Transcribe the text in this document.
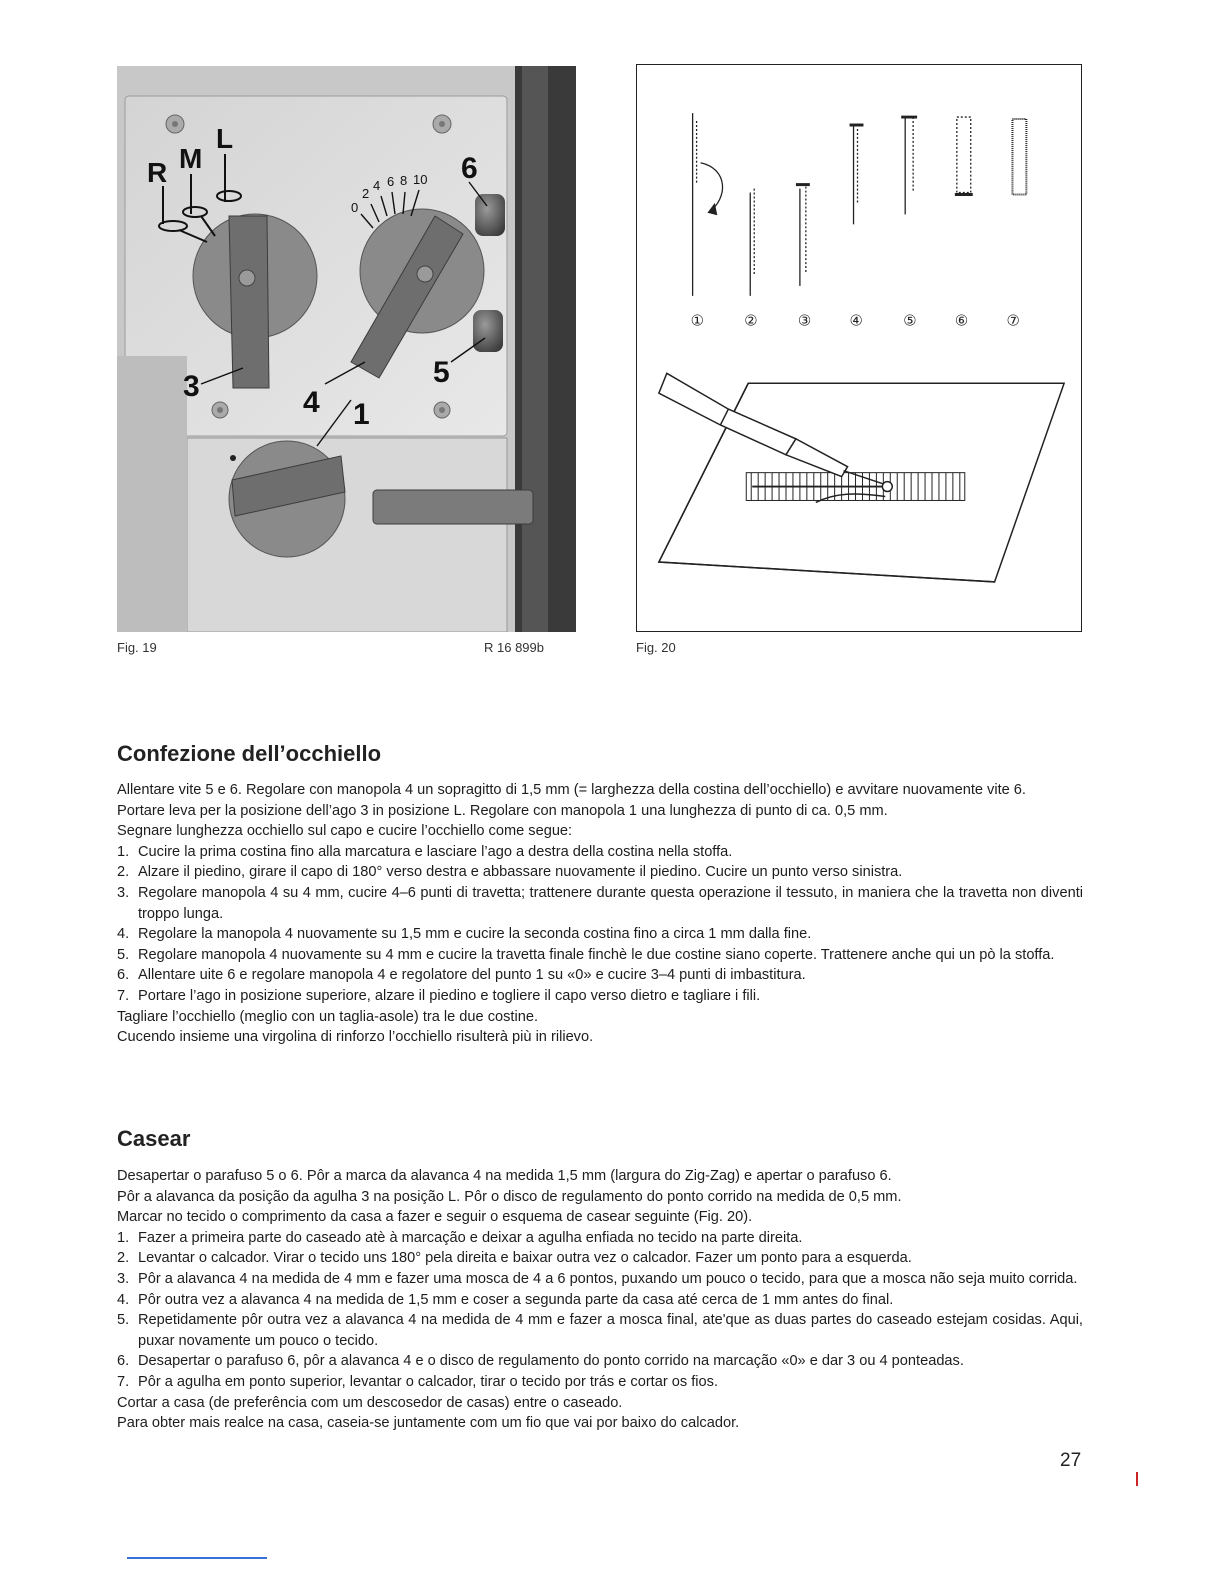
R M
L
6
3	4 1
5
0
2
4 6 8 10
①	②	③	④	⑤	⑥	⑦
Fig. 19	R 16 899b	Fig. 20
Confezione dell’occhiello

Allentare vite 5 e 6. Regolare con manopola 4 un sopragitto di 1,5 mm (= larghezza della costina dell’occhiello) e avvitare nuovamente vite 6.

Portare leva per la posizione dell’ago 3 in posizione L. Regolare con manopola 1 una lunghezza di punto di ca. 0,5 mm.

Segnare lunghezza occhiello sul capo e cucire l’occhiello come segue:

1. Cucire la prima costina fino alla marcatura e lasciare l’ago a destra della costina nella stoffa.
2. Alzare il piedino, girare il capo di 180° verso destra e abbassare nuovamente il piedino. Cucire un punto verso sinistra.
3. Regolare manopola 4 su 4 mm, cucire 4–6 punti di travetta; trattenere durante questa operazione il tessuto, in maniera che la travetta non diventi troppo lunga.
4. Regolare la manopola 4 nuovamente su 1,5 mm e cucire la seconda costina fino a circa 1 mm dalla fine.
5. Regolare manopola 4 nuovamente su 4 mm e cucire la travetta finale finchè le due costine siano coperte. Trattenere anche qui un pò la stoffa.
6. Allentare uite 6 e regolare manopola 4 e regolatore del punto 1 su «0» e cucire 3–4 punti di imbastitura.
7. Portare l’ago in posizione superiore, alzare il piedino e togliere il capo verso dietro e tagliare i fili.

Tagliare l’occhiello (meglio con un taglia-asole) tra le due costine.

Cucendo insieme una virgolina di rinforzo l’occhiello risulterà più in rilievo.

Casear

Desapertar o parafuso 5 o 6. Pôr a marca da alavanca 4 na medida 1,5 mm (largura do Zig-Zag) e apertar o parafuso 6.

Pôr a alavanca da posição da agulha 3 na posição L. Pôr o disco de regulamento do ponto corrido na medida de 0,5 mm.

Marcar no tecido o comprimento da casa a fazer e seguir o esquema de casear seguinte (Fig. 20).

1. Fazer a primeira parte do caseado atè à marcação e deixar a agulha enfiada no tecido na parte direita.
2. Levantar o calcador. Virar o tecido uns 180° pela direita e baixar outra vez o calcador. Fazer um ponto para a esquerda.
3. Pôr a alavanca 4 na medida de 4 mm e fazer uma mosca de 4 a 6 pontos, puxando um pouco o tecido, para que a mosca não seja muito corrida.
4. Pôr outra vez a alavanca 4 na medida de 1,5 mm e coser a segunda parte da casa até cerca de 1 mm antes do final.
5. Repetidamente pôr outra vez a alavanca 4 na medida de 4 mm e fazer a mosca final, ate'que as duas partes do caseado estejam cosidas. Aqui, puxar novamente um pouco o tecido.
6. Desapertar o parafuso 6, pôr a alavanca 4 e o disco de regulamento do ponto corrido na marcação «0» e dar 3 ou 4 ponteadas.
7. Pôr a agulha em ponto superior, levantar o calcador, tirar o tecido por trás e cortar os fios.

Cortar a casa (de preferência com um descosedor de casas) entre o caseado.

Para obter mais realce na casa, caseia-se juntamente com um fio que vai por baixo do calcador.

27
